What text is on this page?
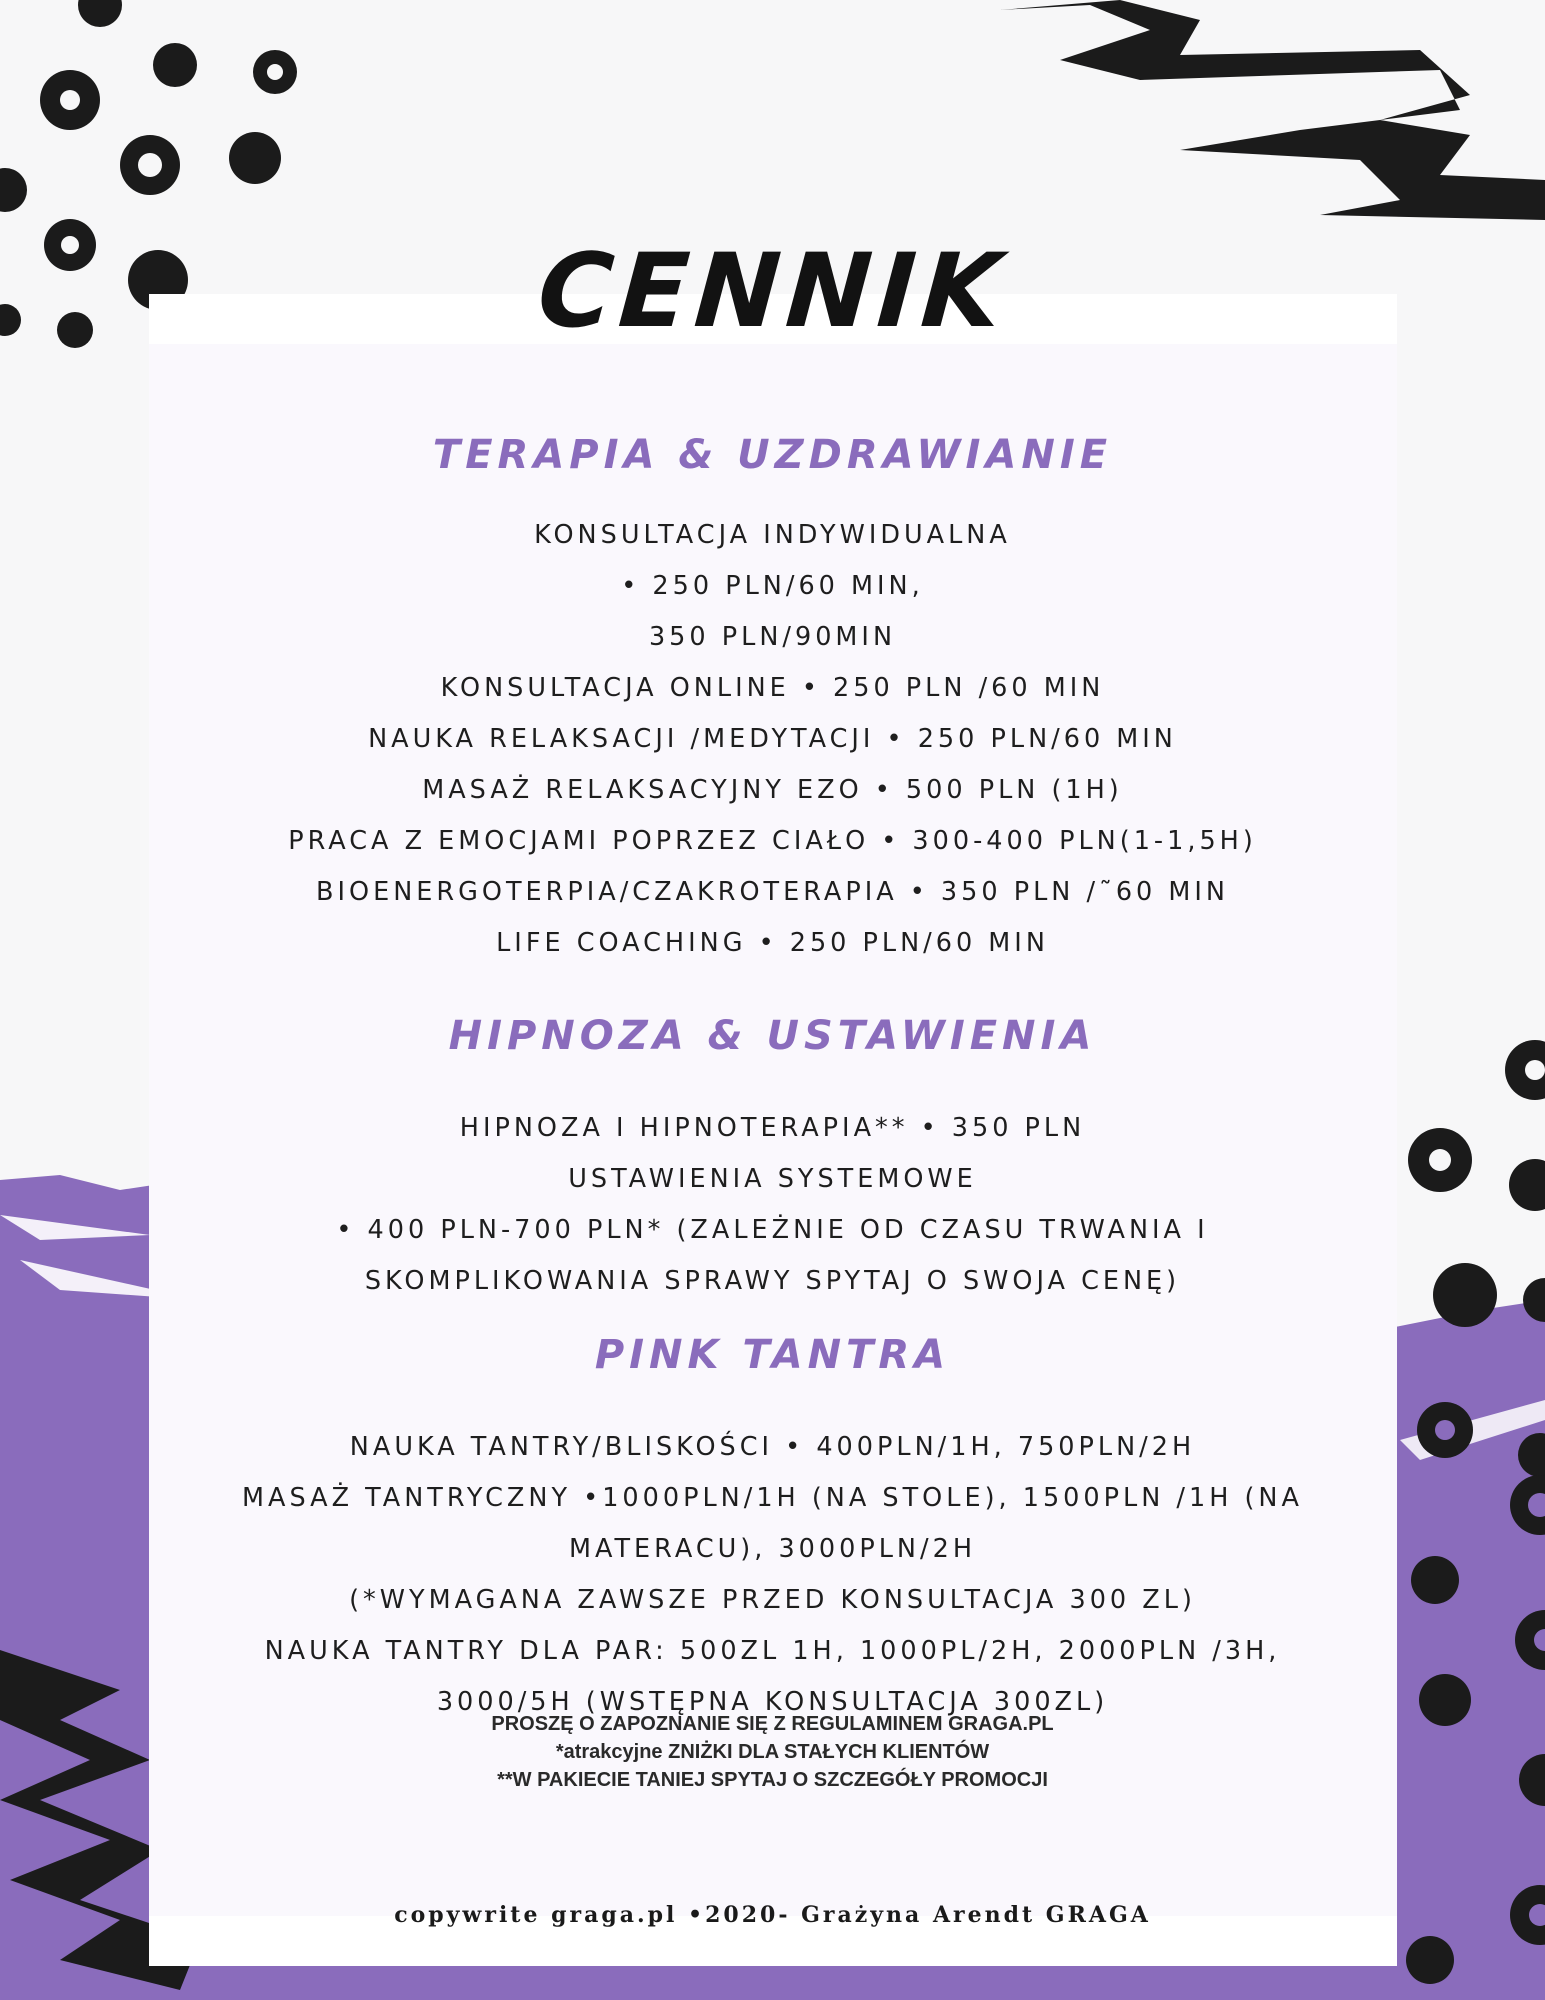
CENNIK
TERAPIA & UZDRAWIANIE
KONSULTACJA INDYWIDUALNA
• 250 PLN/60 MIN,
350 PLN/90MIN
KONSULTACJA ONLINE • 250 PLN /60 MIN
NAUKA RELAKSACJI /MEDYTACJI • 250 PLN/60 MIN
MASAŻ RELAKSACYJNY EZO • 500 PLN (1H)
PRACA Z EMOCJAMI POPRZEZ CIAŁO • 300-400 PLN(1-1,5H)
BIOENERGOTERPIA/CZAKROTERAPIA • 350 PLN /˜60 MIN
LIFE COACHING • 250 PLN/60 MIN
HIPNOZA & USTAWIENIA
HIPNOZA I HIPNOTERAPIA** • 350 PLN
USTAWIENIA SYSTEMOWE
• 400 PLN-700 PLN* (ZALEŻNIE OD CZASU TRWANIA I
SKOMPLIKOWANIA SPRAWY SPYTAJ O SWOJA CENĘ)
PINK TANTRA
NAUKA TANTRY/BLISKOŚCI • 400PLN/1H, 750PLN/2H
MASAŻ TANTRYCZNY •1000PLN/1H (NA STOLE), 1500PLN /1H (NA
MATERACU), 3000PLN/2H
(*WYMAGANA ZAWSZE PRZED KONSULTACJA 300 ZL)
NAUKA TANTRY DLA PAR: 500ZL 1H, 1000PL/2H, 2000PLN /3H,
3000/5H (WSTĘPNA KONSULTACJA 300ZL)
PROSZĘ O ZAPOZNANIE SIĘ Z REGULAMINEM GRAGA.PL
*atrakcyjne ZNIŻKI DLA STAŁYCH KLIENTÓW
**W PAKIECIE TANIEJ SPYTAJ O SZCZEGÓŁY PROMOCJI
copywrite graga.pl •2020- Grażyna Arendt GRAGA
